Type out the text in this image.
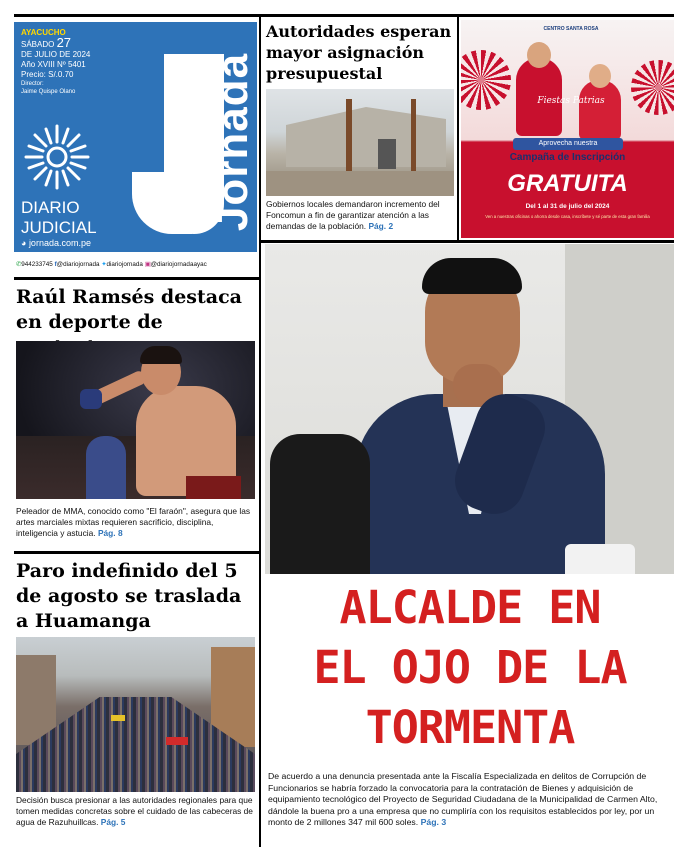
AYACUCHO
SÁBADO 27
DE JULIO DE 2024
Año XVIII Nº 5401
Precio: S/.0.70
Director:
Jaime Quispe Olano	Jornada
DIARIO
JUDICIAL
◕ jornada.com.pe
✆944233745 f@diariojornada ✦diariojornada ▣@diariojornadaayac
Autoridades esperan mayor asignación presupuestal
Gobiernos locales demandaron incremento del Foncomun a fin de garantizar atención a las demandas de la población. Pág. 2
CENTRO SANTA ROSA
Fiestas Patrias
Aprovecha nuestra
Campaña de Inscripción
GRATUITA
Del 1 al 31 de julio del 2024
Ven a nuestras oficinas o ahorra desde casa, inscríbete y sé parte de esta gran familia
Raúl Ramsés destaca en deporte de
Peleador de MMA, conocido como "El faraón", asegura que las artes marciales mixtas requieren sacrificio, disciplina, inteligencia y astucia. Pág. 8
Paro indefinido del 5 de agosto se traslada a Huamanga
Decisión busca presionar a las autoridades regionales para que tomen medidas concretas sobre el cuidado de las cabeceras de agua de Razuhuillcas. Pág. 5
ALCALDE EN
EL OJO DE LA
TORMENTA
De acuerdo a una denuncia presentada ante la Fiscalía Especializada en delitos de Corrupción de Funcionarios se habría forzado la convocatoria para la contratación de Bienes y adquisición de equipamiento tecnológico del Proyecto de Seguridad Ciudadana de la Municipalidad de Carmen Alto, dándole la buena pro a una empresa que no cumpliría con los requisitos establecidos por ley, por un monto de 2 millones 347 mil 600 soles. Pág. 3
